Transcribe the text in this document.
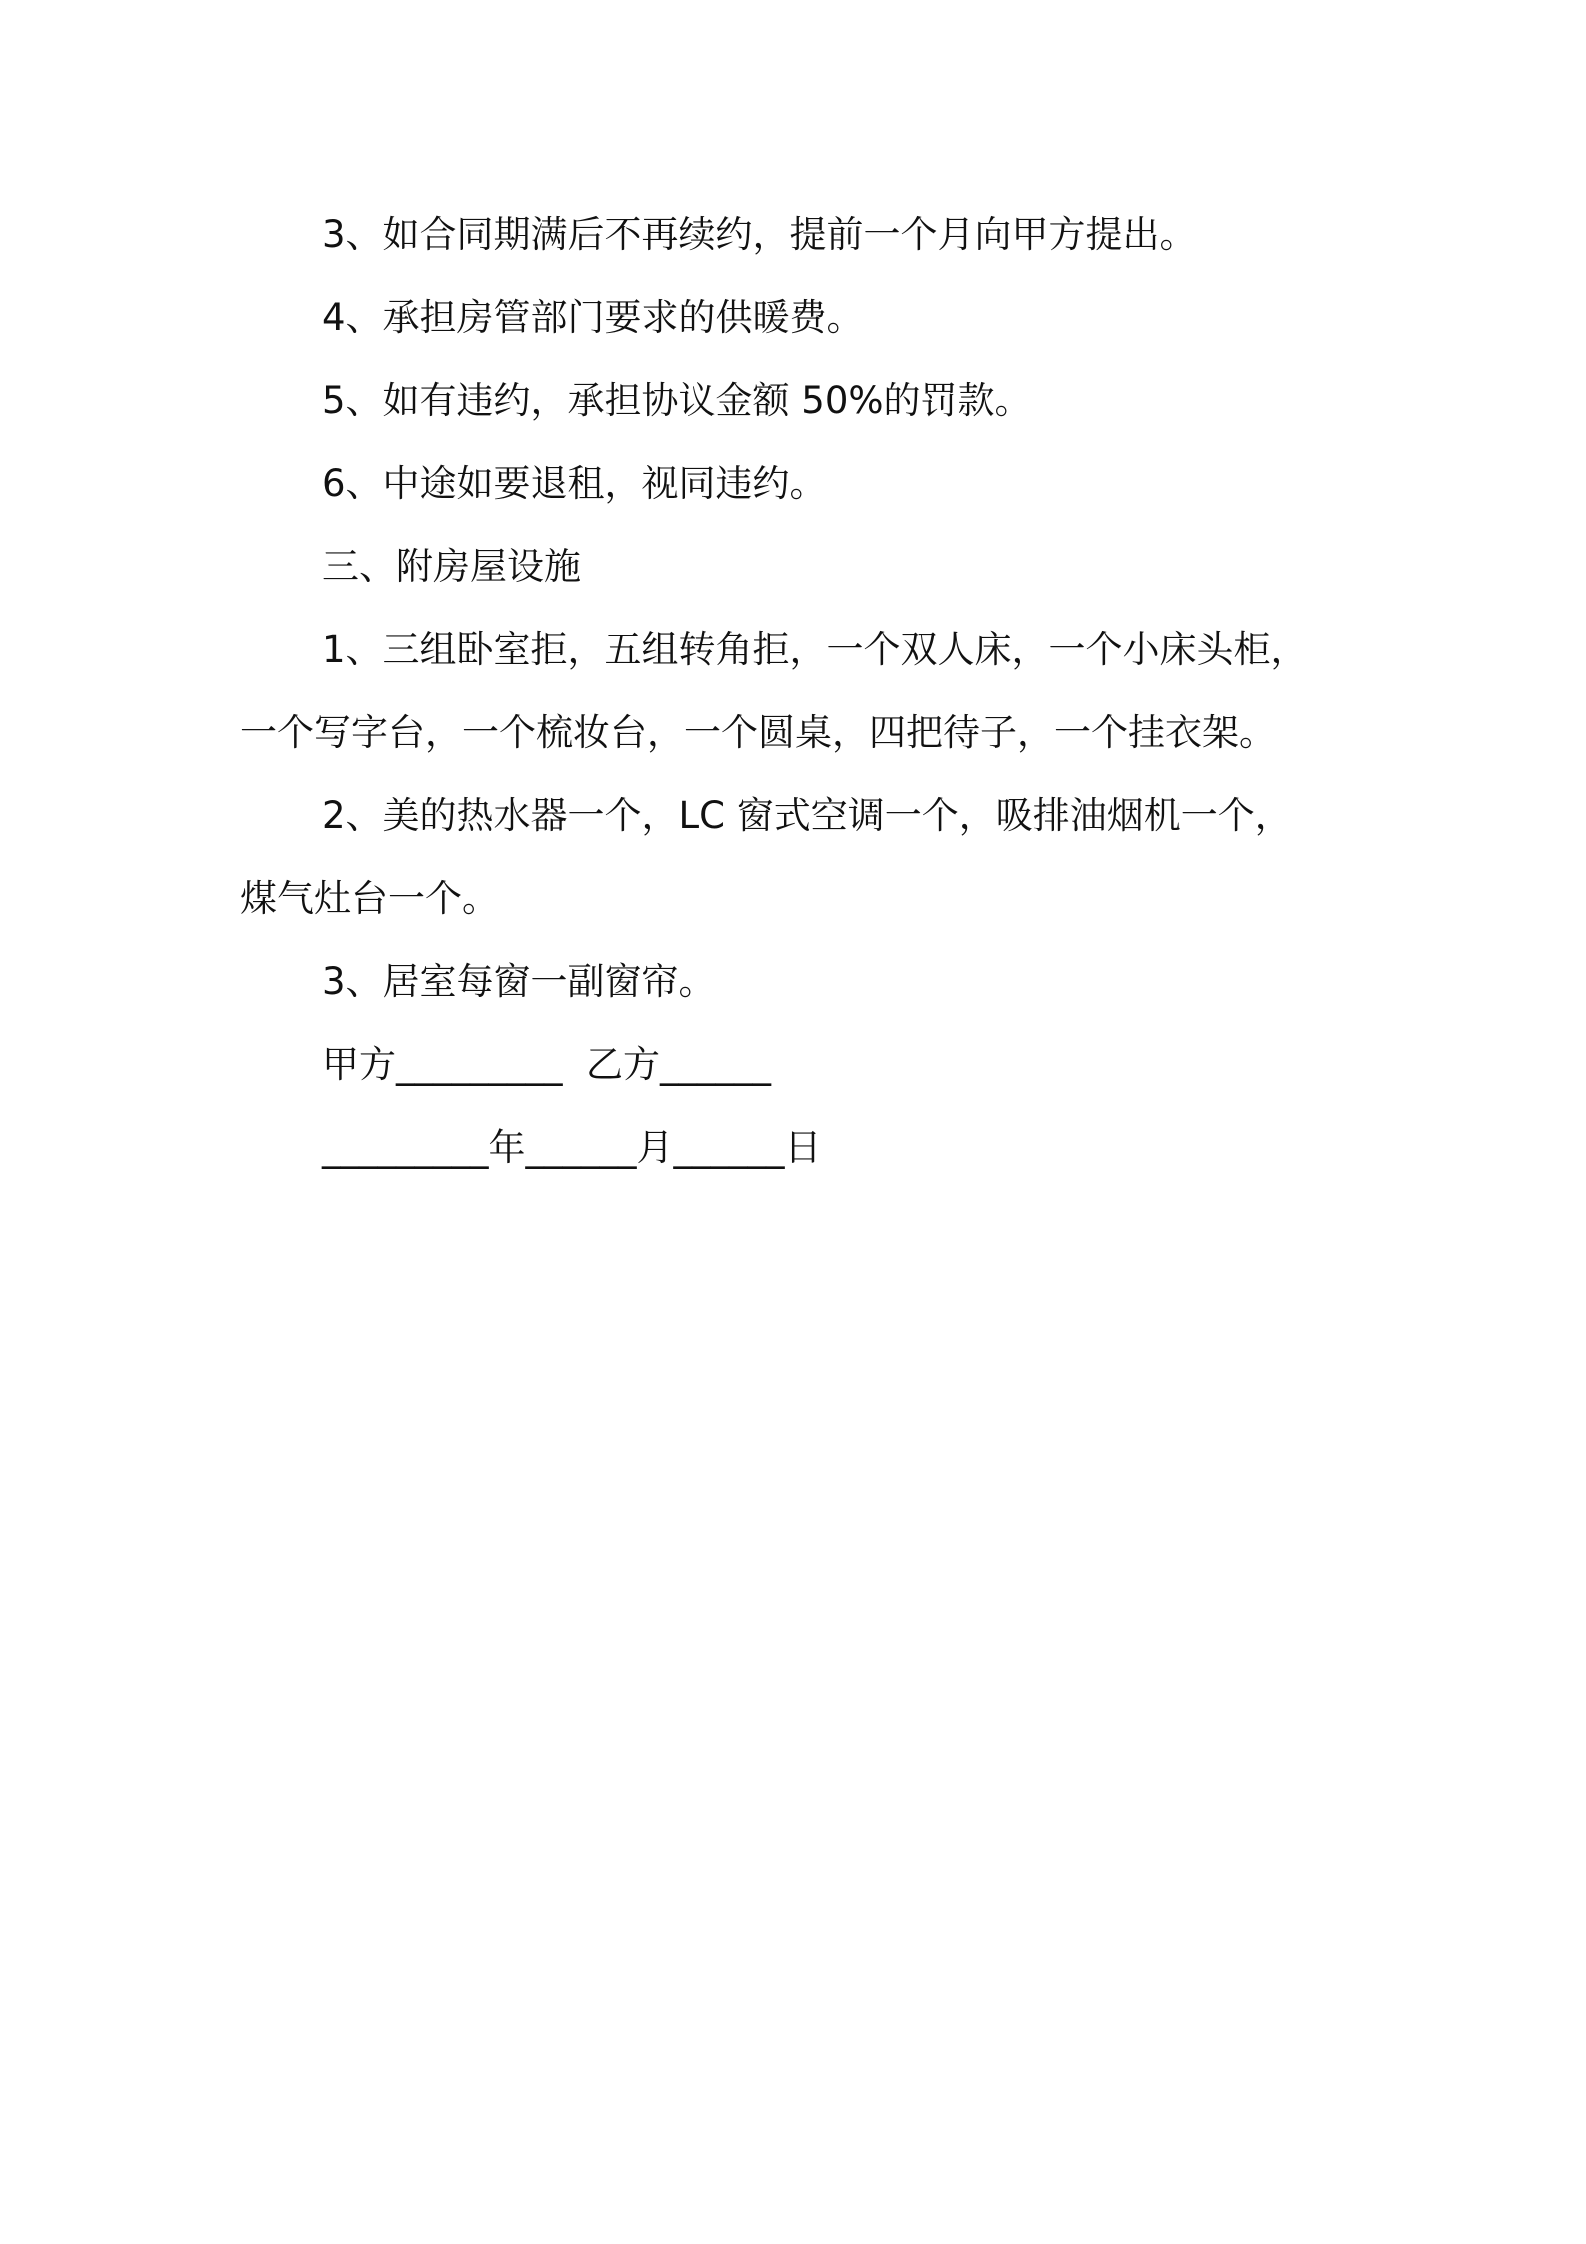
3、如合同期满后不再续约，提前一个月向甲方提出。
4、承担房管部门要求的供暖费。
5、如有违约，承担协议金额 50%的罚款。
6、中途如要退租，视同违约。
三、附房屋设施
1、三组卧室拒，五组转角拒，一个双人床，一个小床头柜，
一个写字台，一个梳妆台，一个圆桌，四把待子，一个挂衣架。
2、美的热水器一个，LC 窗式空调一个，吸排油烟机一个，
煤气灶台一个。
3、居室每窗一副窗帘。
甲方_________  乙方______
_________年______月______日
